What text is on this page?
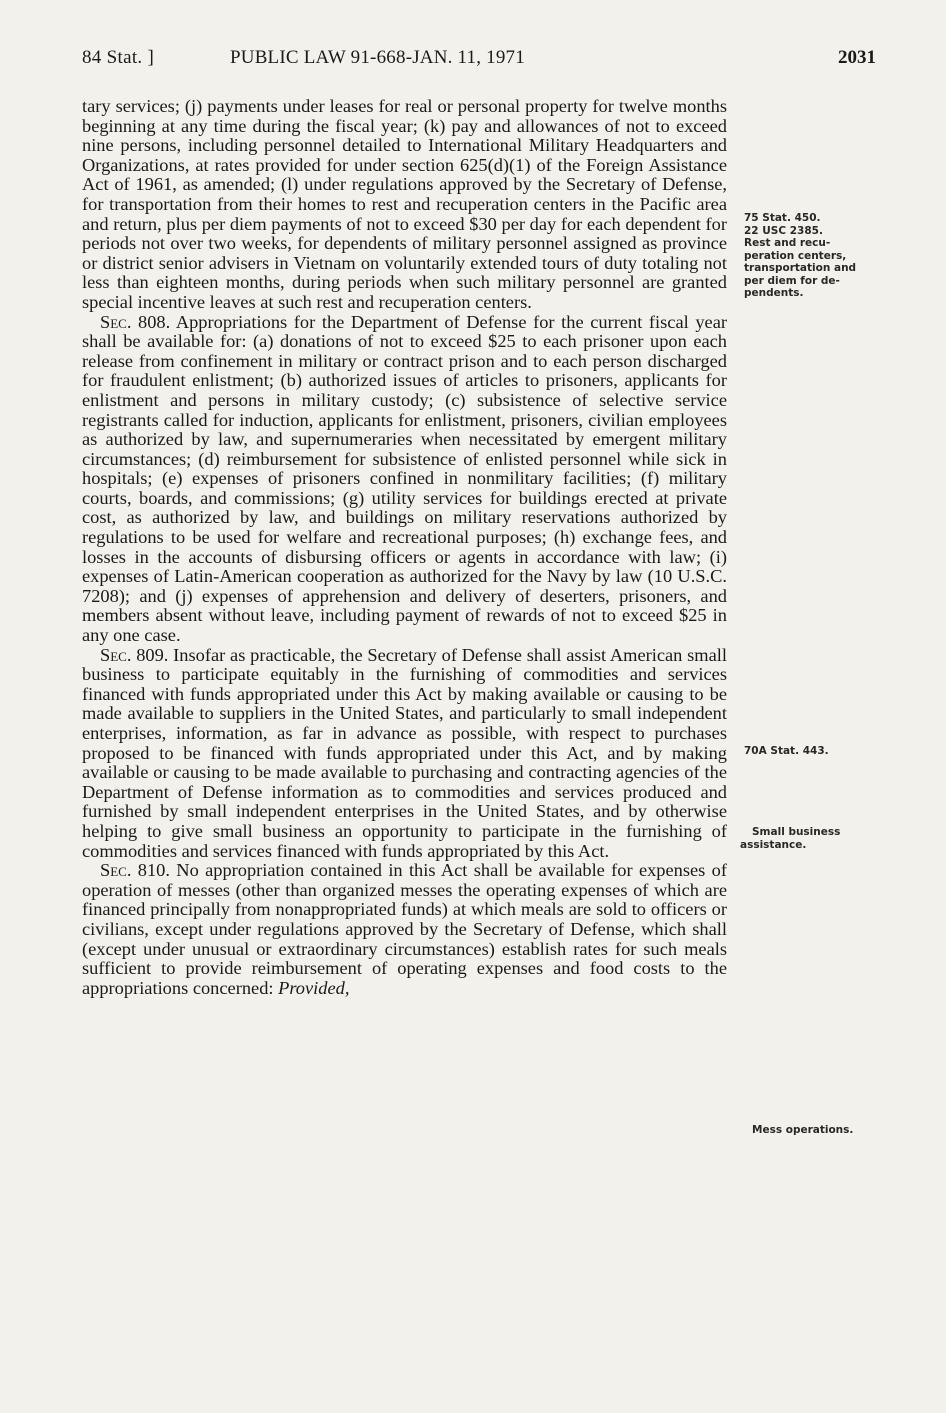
84 Stat. ]	PUBLIC LAW 91-668-JAN. 11, 1971	2031

tary services; (j) payments under leases for real or personal property for twelve months beginning at any time during the fiscal year; (k) pay and allowances of not to exceed nine persons, including personnel detailed to International Military Headquarters and Organizations, at rates provided for under section 625(d)(1) of the Foreign Assistance Act of 1961, as amended; (l) under regulations approved by the Secretary of Defense, for transportation from their homes to rest and recuperation centers in the Pacific area and return, plus per diem payments of not to exceed $30 per day for each dependent for periods not over two weeks, for dependents of military personnel assigned as province or district senior advisers in Vietnam on voluntarily extended tours of duty totaling not less than eighteen months, during periods when such military personnel are granted special incentive leaves at such rest and recuperation centers.

Sec. 808. Appropriations for the Department of Defense for the current fiscal year shall be available for: (a) donations of not to exceed $25 to each prisoner upon each release from confinement in military or contract prison and to each person discharged for fraudulent enlistment; (b) authorized issues of articles to prisoners, applicants for enlistment and persons in military custody; (c) subsistence of selective service registrants called for induction, applicants for enlistment, prisoners, civilian employees as authorized by law, and supernumeraries when necessitated by emergent military circumstances; (d) reimbursement for subsistence of enlisted personnel while sick in hospitals; (e) expenses of prisoners confined in nonmilitary facilities; (f) military courts, boards, and commissions; (g) utility services for buildings erected at private cost, as authorized by law, and buildings on military reservations authorized by regulations to be used for welfare and recreational purposes; (h) exchange fees, and losses in the accounts of disbursing officers or agents in accordance with law; (i) expenses of Latin-American cooperation as authorized for the Navy by law (10 U.S.C. 7208); and (j) expenses of apprehension and delivery of deserters, prisoners, and members absent without leave, including payment of rewards of not to exceed $25 in any one case.

Sec. 809. Insofar as practicable, the Secretary of Defense shall assist American small business to participate equitably in the furnishing of commodities and services financed with funds appropriated under this Act by making available or causing to be made available to suppliers in the United States, and particularly to small independent enterprises, information, as far in advance as possible, with respect to purchases proposed to be financed with funds appropriated under this Act, and by making available or causing to be made available to purchasing and contracting agencies of the Department of Defense information as to commodities and services produced and furnished by small independent enterprises in the United States, and by otherwise helping to give small business an opportunity to participate in the furnishing of commodities and services financed with funds appropriated by this Act.

Sec. 810. No appropriation contained in this Act shall be available for expenses of operation of messes (other than organized messes the operating expenses of which are financed principally from nonappropriated funds) at which meals are sold to officers or civilians, except under regulations approved by the Secretary of Defense, which shall (except under unusual or extraordinary circumstances) establish rates for such meals sufficient to provide reimbursement of operating expenses and food costs to the appropriations concerned: Provided,

75 Stat. 450.
22 USC 2385.
Rest and recu-
peration centers,
transportation and
per diem for de-
pendents.
70A Stat. 443.
Small business
assistance.
Mess operations.
